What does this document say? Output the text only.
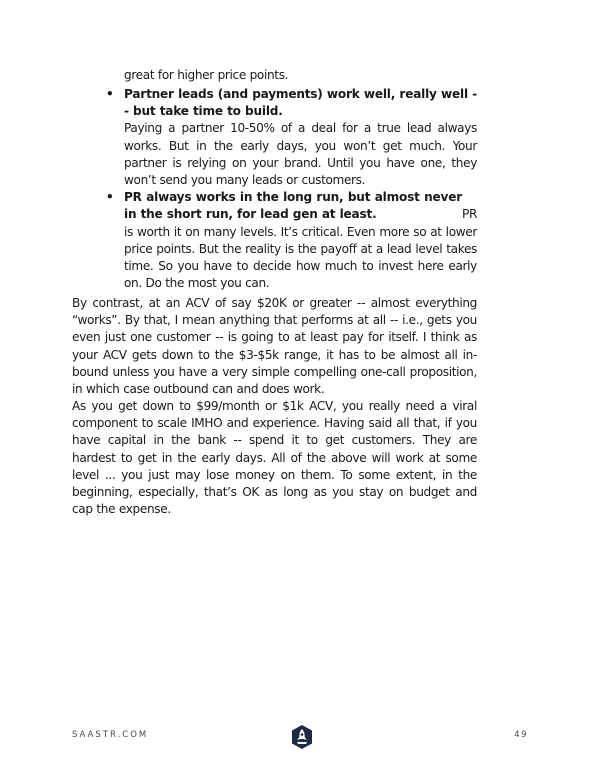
great for higher price points.
• Partner leads (and payments) work well, really well -- but take time to build.
Paying a partner 10-50% of a deal for a true lead always works. But in the early days, you won’t get much. Your partner is relying on your brand. Until you have one, they won’t send you many leads or customers.
•
PR
PR always works in the long run, but almost never in the short run, for lead gen at least.
is worth it on many levels. It’s critical. Even more so at lower price points. But the reality is the payoff at a lead level takes time. So you have to decide how much to invest here early on. Do the most you can.

By contrast, at an ACV of say $20K or greater -- almost everything “works”. By that, I mean anything that performs at all -- i.e., gets you even just one customer -- is going to at least pay for itself. I think as your ACV gets down to the $3-$5k range, it has to be almost all in-bound unless you have a very simple compelling one-call proposition, in which case outbound can and does work.

As you get down to $99/month or $1k ACV, you really need a viral component to scale IMHO and experience. Having said all that, if you have capital in the bank -- spend it to get customers. They are hardest to get in the early days. All of the above will work at some level ... you just may lose money on them. To some extent, in the beginning, especially, that’s OK as long as you stay on budget and cap the expense.

SAASTR.COM	49
